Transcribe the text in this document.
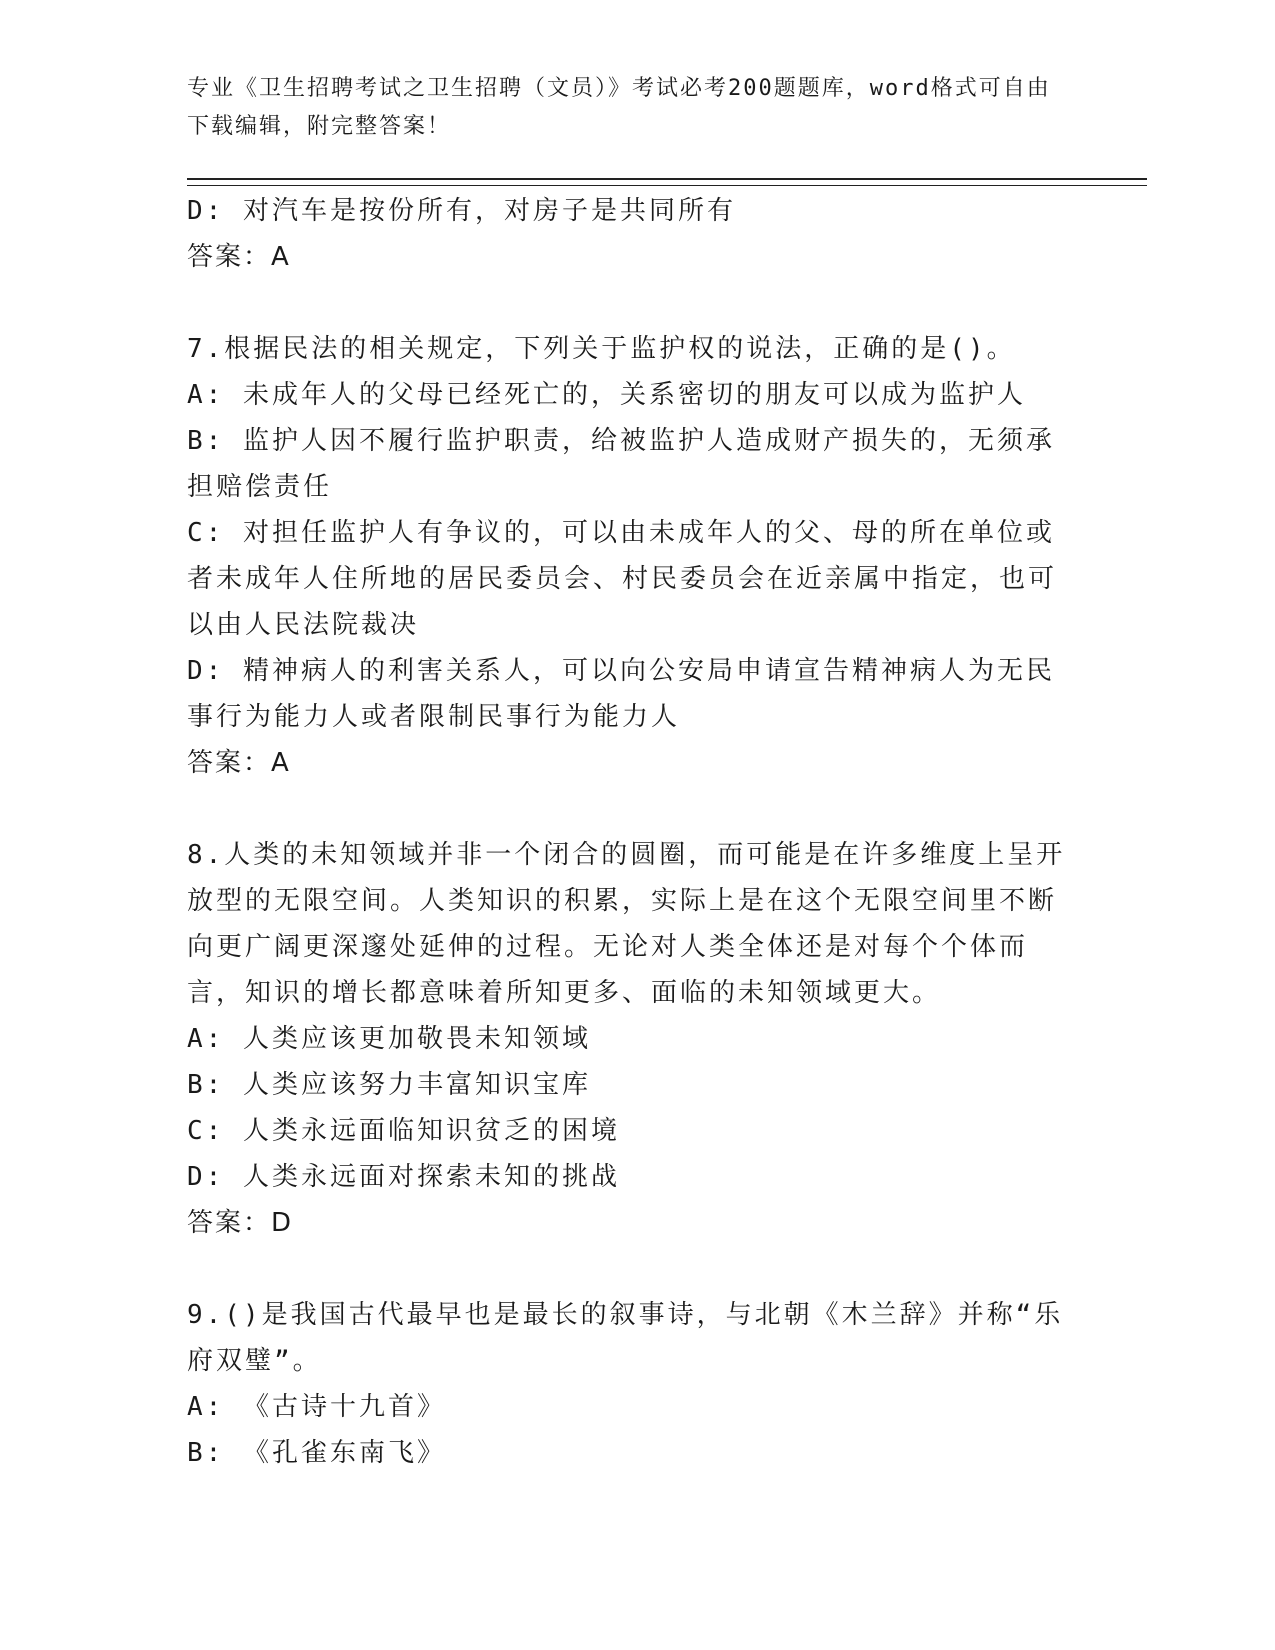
专业《卫生招聘考试之卫生招聘（文员）》考试必考200题题库，word格式可自由下载编辑，附完整答案！
D: 对汽车是按份所有，对房子是共同所有
答案：A
7.根据民法的相关规定，下列关于监护权的说法，正确的是()。
A: 未成年人的父母已经死亡的，关系密切的朋友可以成为监护人
B: 监护人因不履行监护职责，给被监护人造成财产损失的，无须承担赔偿责任
C: 对担任监护人有争议的，可以由未成年人的父、母的所在单位或者未成年人住所地的居民委员会、村民委员会在近亲属中指定，也可以由人民法院裁决
D: 精神病人的利害关系人，可以向公安局申请宣告精神病人为无民事行为能力人或者限制民事行为能力人
答案：A
8.人类的未知领域并非一个闭合的圆圈，而可能是在许多维度上呈开放型的无限空间。人类知识的积累，实际上是在这个无限空间里不断向更广阔更深邃处延伸的过程。无论对人类全体还是对每个个体而言，知识的增长都意味着所知更多、面临的未知领域更大。
A: 人类应该更加敬畏未知领域
B: 人类应该努力丰富知识宝库
C: 人类永远面临知识贫乏的困境
D: 人类永远面对探索未知的挑战
答案：D
9.()是我国古代最早也是最长的叙事诗，与北朝《木兰辞》并称“乐府双璧”。
A: 《古诗十九首》
B: 《孔雀东南飞》
